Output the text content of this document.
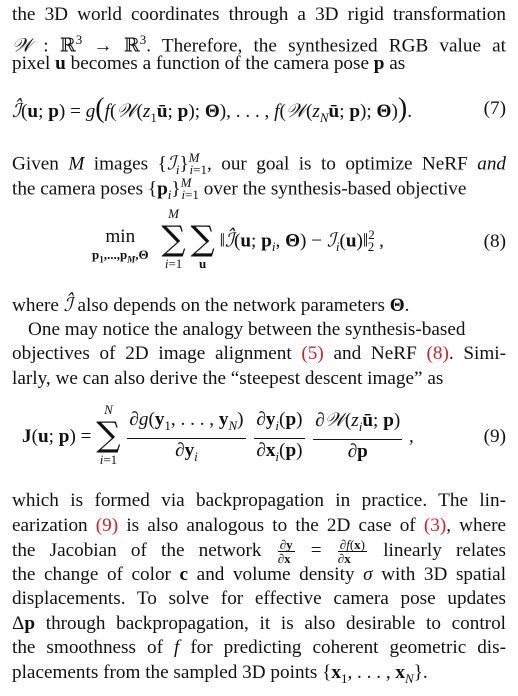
the 3D world coordinates through a 3D rigid transformation
𝒲 : ℝ$^3$ → ℝ$^3$. Therefore, the synthesized RGB value at
pixel u becomes a function of the camera pose p as
ℐ̂(u; $p) = g(f(𝒲(z_1ū$; p); Θ), . . . , $f(𝒲(z_Nū$; p); Θ)).	(7)
Given M images {ℐ$_i$}$^M_{i=1}$, our goal is to optimize NeRF and
the camera poses $\{p_i\}^M_{i=1}$ over the synthesis-based objective
min
$p_1,...,p_M,\Theta$

M
∑
i=1

∑
u
‖ℐ̂(u; $p_i$, Θ) − ℐ$_i$(u)‖$^2_2$ ,	(8)
where ℐ̂ also depends on the network parameters Θ.
One may notice the analogy between the synthesis-based
objectives of 2D image alignment (5) and NeRF (8). Simi-
larly, we can also derive the “steepest descent image” as
J(u; p) =
N
∑
i=1
$\frac{\partial g(y_1, . . . , y_N)}{\partial y_i}$
$\frac{\partial y_i(p)}{\partial x_i(p)}$
$\frac{\partial 𝒲(z_iū; p)}{\partial p}$ ,	(9)
which is formed via backpropagation in practice. The lin-
earization (9) is also analogous to the 2D case of (3), where
the Jacobian of the network $\frac{\partial y}{\partial x} = \frac{\partial f(x)}{\partial x}$ linearly relates
the change of color c and volume density σ with 3D spatial
displacements. To solve for effective camera pose updates
Δp through backpropagation, it is also desirable to control
the smoothness of f for predicting coherent geometric dis-
placements from the sampled 3D points {$x_1$, . . . , $x_N$}.
